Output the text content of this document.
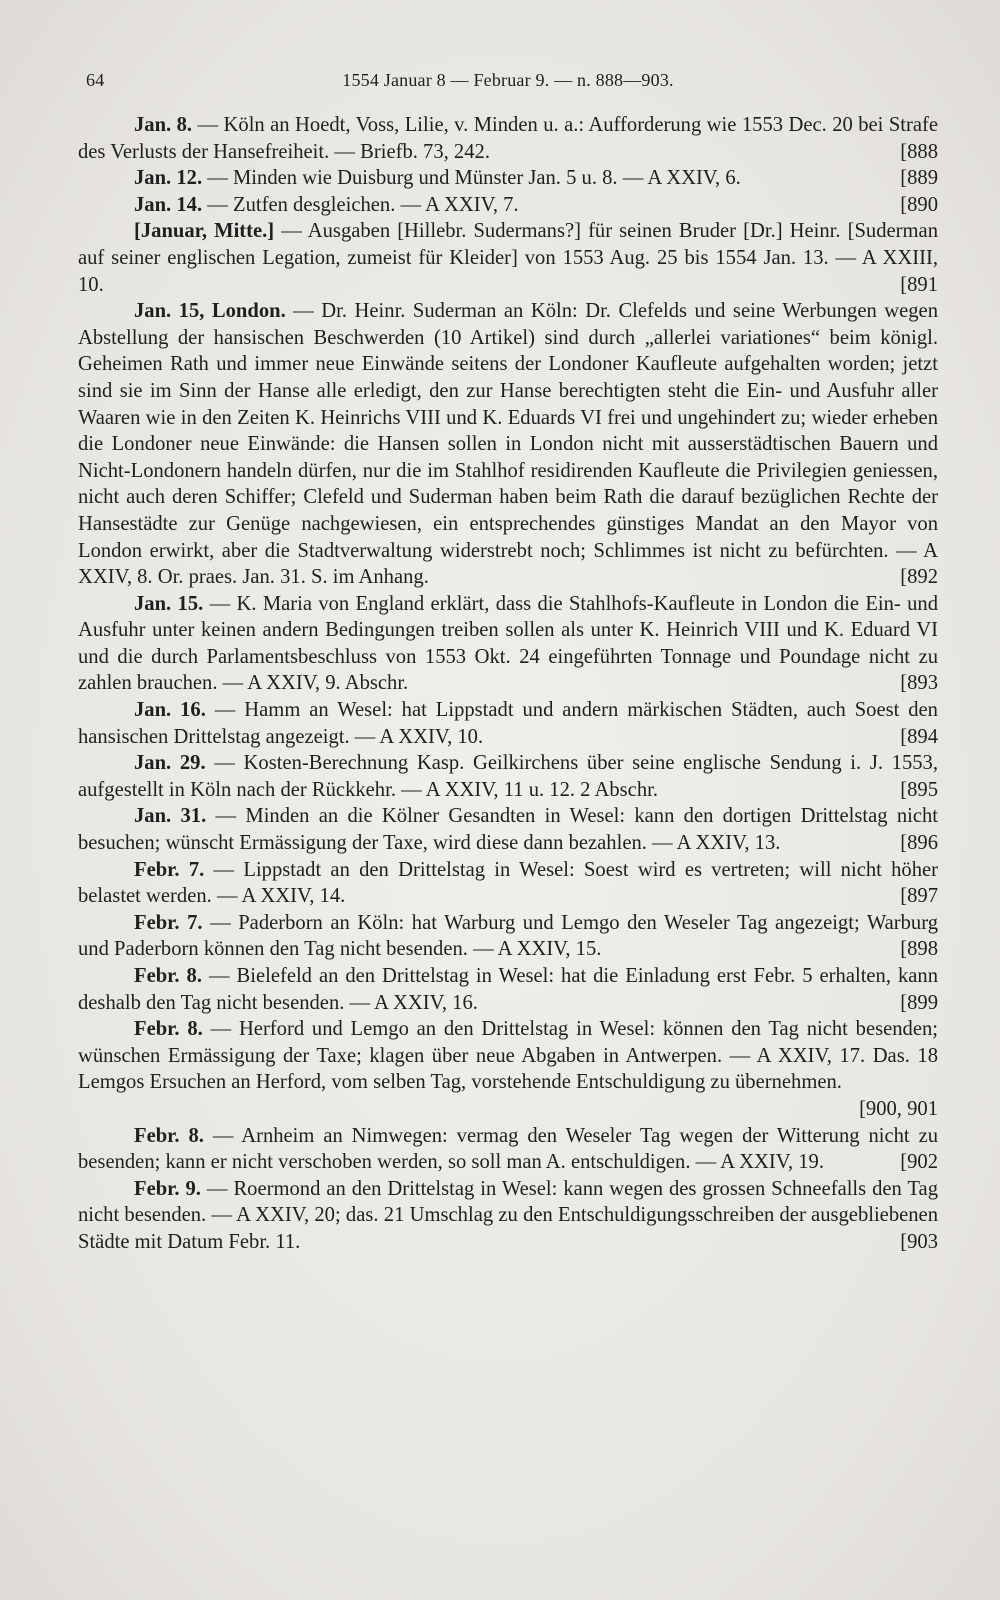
64	1554 Januar 8 — Februar 9. — n. 888—903.

Jan. 8. — Köln an Hoedt, Voss, Lilie, v. Minden u. a.: Aufforderung wie 1553 Dec. 20 bei Strafe des Verlusts der Hansefreiheit. — Briefb. 73, 242.	[888

Jan. 12. — Minden wie Duisburg und Münster Jan. 5 u. 8. — A XXIV, 6.	[889

Jan. 14. — Zutfen desgleichen. — A XXIV, 7.	[890

[Januar, Mitte.] — Ausgaben [Hillebr. Sudermans?] für seinen Bruder [Dr.] Heinr. [Suderman auf seiner englischen Legation, zumeist für Kleider] von 1553 Aug. 25 bis 1554 Jan. 13. — A XXIII, 10.	[891

Jan. 15, London. — Dr. Heinr. Suderman an Köln: Dr. Clefelds und seine Werbungen wegen Abstellung der hansischen Beschwerden (10 Artikel) sind durch „allerlei variationes“ beim königl. Geheimen Rath und immer neue Einwände seitens der Londoner Kaufleute aufgehalten worden; jetzt sind sie im Sinn der Hanse alle erledigt, den zur Hanse berechtigten steht die Ein- und Ausfuhr aller Waaren wie in den Zeiten K. Heinrichs VIII und K. Eduards VI frei und ungehindert zu; wieder erheben die Londoner neue Einwände: die Hansen sollen in London nicht mit ausserstädtischen Bauern und Nicht-Londonern handeln dürfen, nur die im Stahlhof residirenden Kaufleute die Privilegien geniessen, nicht auch deren Schiffer; Clefeld und Suderman haben beim Rath die darauf bezüglichen Rechte der Hansestädte zur Genüge nachgewiesen, ein entsprechendes günstiges Mandat an den Mayor von London erwirkt, aber die Stadtverwaltung widerstrebt noch; Schlimmes ist nicht zu befürchten. — A XXIV, 8. Or. praes. Jan. 31. S. im Anhang.	[892

Jan. 15. — K. Maria von England erklärt, dass die Stahlhofs-Kaufleute in London die Ein- und Ausfuhr unter keinen andern Bedingungen treiben sollen als unter K. Heinrich VIII und K. Eduard VI und die durch Parlamentsbeschluss von 1553 Okt. 24 eingeführten Tonnage und Poundage nicht zu zahlen brauchen. — A XXIV, 9. Abschr.	[893

Jan. 16. — Hamm an Wesel: hat Lippstadt und andern märkischen Städten, auch Soest den hansischen Drittelstag angezeigt. — A XXIV, 10.	[894

Jan. 29. — Kosten-Berechnung Kasp. Geilkirchens über seine englische Sendung i. J. 1553, aufgestellt in Köln nach der Rückkehr. — A XXIV, 11 u. 12. 2 Abschr.	[895

Jan. 31. — Minden an die Kölner Gesandten in Wesel: kann den dortigen Drittelstag nicht besuchen; wünscht Ermässigung der Taxe, wird diese dann bezahlen. — A XXIV, 13.	[896

Febr. 7. — Lippstadt an den Drittelstag in Wesel: Soest wird es vertreten; will nicht höher belastet werden. — A XXIV, 14.	[897

Febr. 7. — Paderborn an Köln: hat Warburg und Lemgo den Weseler Tag angezeigt; Warburg und Paderborn können den Tag nicht besenden. — A XXIV, 15.	[898

Febr. 8. — Bielefeld an den Drittelstag in Wesel: hat die Einladung erst Febr. 5 erhalten, kann deshalb den Tag nicht besenden. — A XXIV, 16.	[899

Febr. 8. — Herford und Lemgo an den Drittelstag in Wesel: können den Tag nicht besenden; wünschen Ermässigung der Taxe; klagen über neue Abgaben in Antwerpen. — A XXIV, 17. Das. 18 Lemgos Ersuchen an Herford, vom selben Tag, vorstehende Entschuldigung zu übernehmen.
[900, 901

Febr. 8. — Arnheim an Nimwegen: vermag den Weseler Tag wegen der Witterung nicht zu besenden; kann er nicht verschoben werden, so soll man A. entschuldigen. — A XXIV, 19.	[902

Febr. 9. — Roermond an den Drittelstag in Wesel: kann wegen des grossen Schneefalls den Tag nicht besenden. — A XXIV, 20; das. 21 Umschlag zu den Entschuldigungsschreiben der ausgebliebenen Städte mit Datum Febr. 11.	[903
